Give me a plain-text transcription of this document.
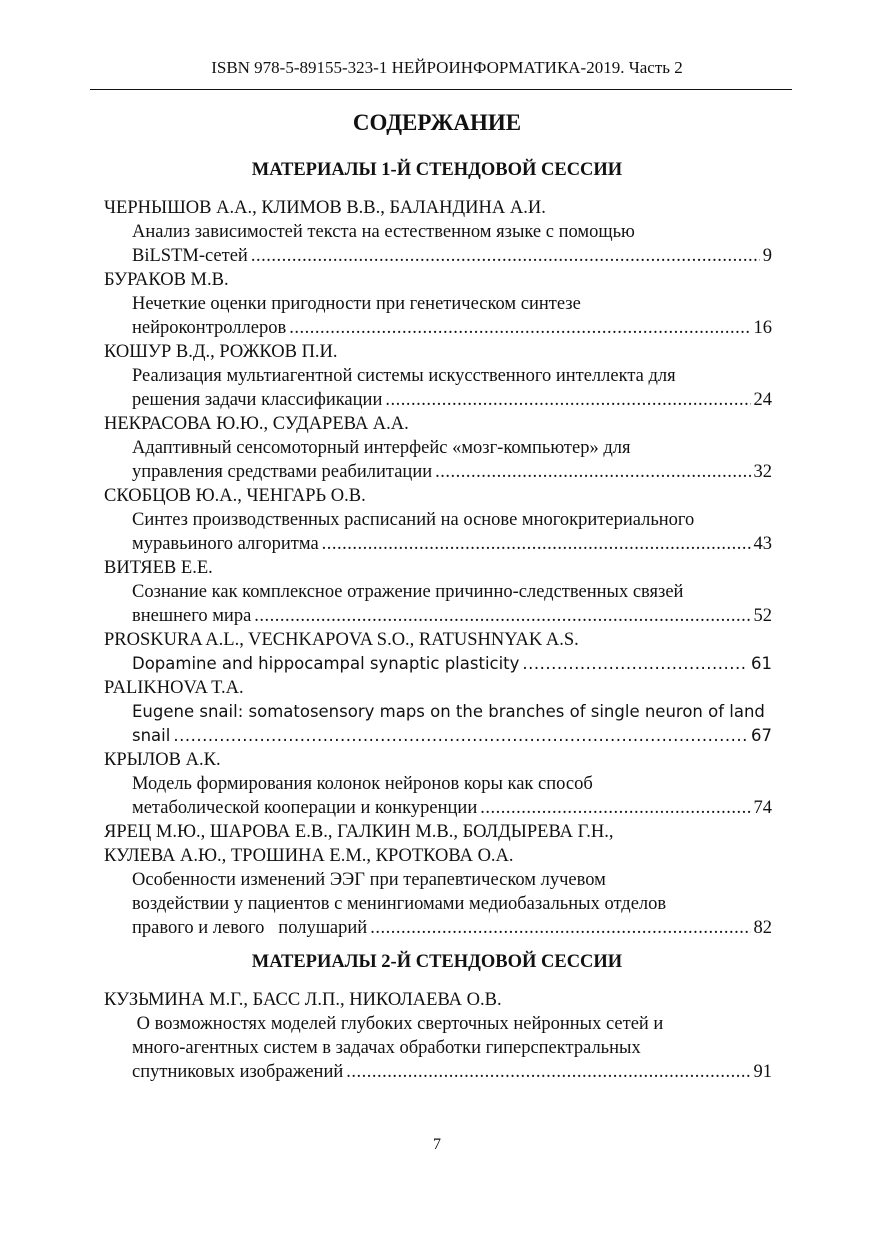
ISBN 978-5-89155-323-1 НЕЙРОИНФОРМАТИКА-2019. Часть 2
СОДЕРЖАНИЕ
МАТЕРИАЛЫ 1-Й СТЕНДОВОЙ СЕССИИ
ЧЕРНЫШОВ А.А., КЛИМОВ В.В., БАЛАНДИНА А.И.
Анализ зависимостей текста на естественном языке с помощью
BiLSTM-сетей .....	9
БУРАКОВ М.В.
Нечеткие оценки пригодности при генетическом синтезе
нейроконтроллеров .....	16
КОШУР В.Д., РОЖКОВ П.И.
Реализация мультиагентной системы искусственного интеллекта для
решения задачи классификации .....	24
НЕКРАСОВА Ю.Ю., СУДАРЕВА А.А.
Адаптивный сенсомоторный интерфейс «мозг-компьютер» для
управления средствами реабилитации .....	32
СКОБЦОВ Ю.А., ЧЕНГАРЬ О.В.
Синтез производственных расписаний на основе многокритериального
муравьиного алгоритма .....	43
ВИТЯЕВ Е.Е.
Сознание как комплексное отражение причинно-следственных связей
внешнего мира .....	52
PROSKURA A.L., VECHKAPOVA S.O., RATUSHNYAK A.S.
Dopamine and hippocampal synaptic plasticity .....	61
PALIKHOVA T.A.
Eugene snail: somatosensory maps on the branches of single neuron of land
snail .....	67
КРЫЛОВ А.К.
Модель формирования колонок нейронов коры как способ
метаболической кооперации и конкуренции .....	74
ЯРЕЦ М.Ю., ШАРОВА Е.В., ГАЛКИН М.В., БОЛДЫРЕВА Г.Н.,
КУЛЕВА А.Ю., ТРОШИНА Е.М., КРОТКОВА О.А.
Особенности изменений ЭЭГ при терапевтическом лучевом
воздействии у пациентов с менингиомами медиобазальных отделов
правого и левого   полушарий .....	82
МАТЕРИАЛЫ 2-Й СТЕНДОВОЙ СЕССИИ
КУЗЬМИНА М.Г., БАСС Л.П., НИКОЛАЕВА О.В.
О возможностях моделей глубоких сверточных нейронных сетей и
много-агентных систем в задачах обработки гиперспектральных
спутниковых изображений .....	91
7
